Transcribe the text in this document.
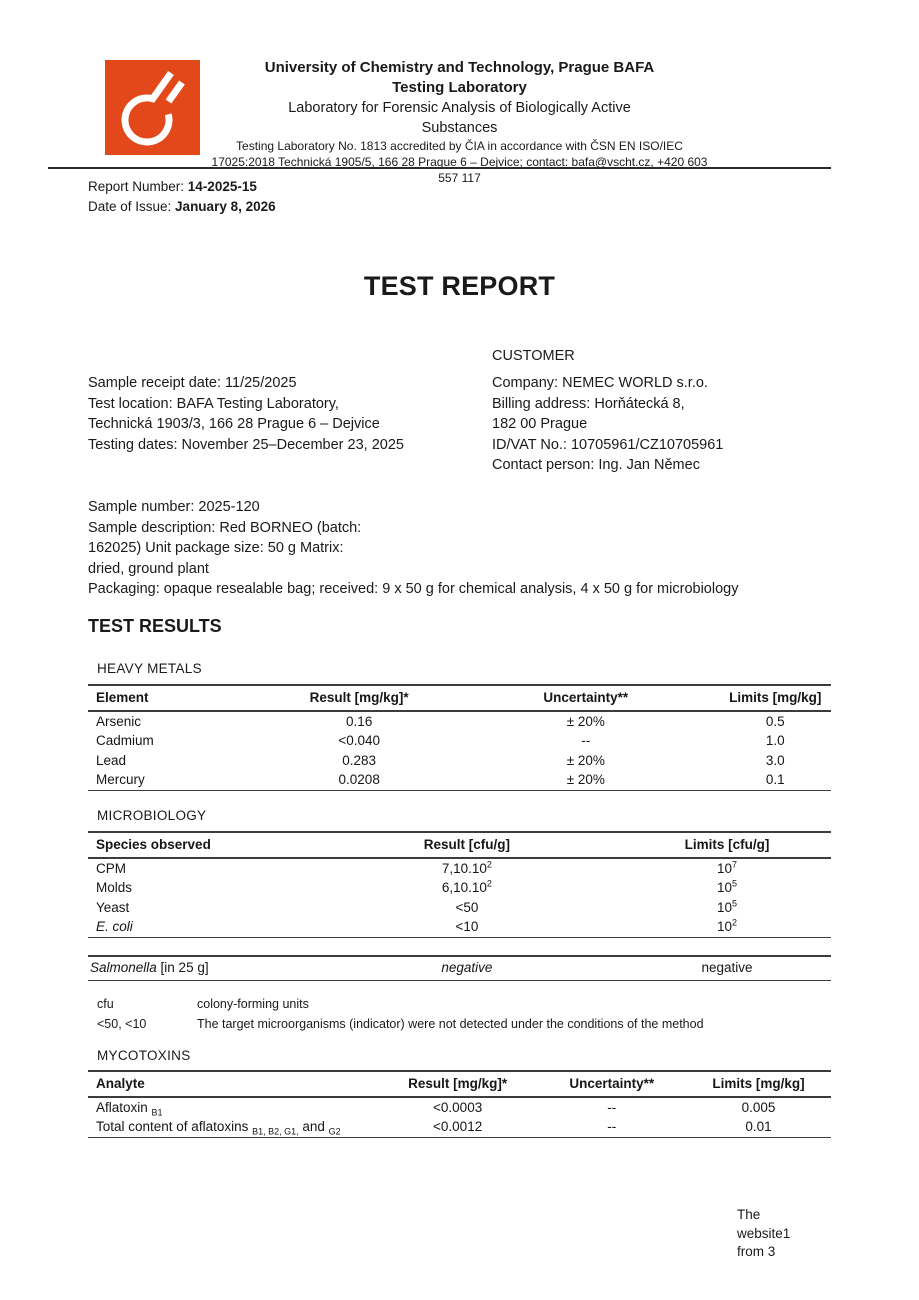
University of Chemistry and Technology, Prague BAFA
Testing Laboratory
Laboratory for Forensic Analysis of Biologically Active
Substances
Testing Laboratory No. 1813 accredited by ČIA in accordance with ČSN EN ISO/IEC
17025:2018 Technická 1905/5, 166 28 Prague 6 – Dejvice; contact: bafa@vscht.cz, +420 603
557 117
Report Number: 14-2025-15
Date of Issue: January 8, 2026
TEST REPORT
Sample receipt date: 11/25/2025
Test location: BAFA Testing Laboratory,
Technická 1903/3, 166 28 Prague 6 – Dejvice
Testing dates: November 25–December 23, 2025
CUSTOMER
Company: NEMEC WORLD s.r.o.
Billing address: Horňátecká 8,
182 00 Prague
ID/VAT No.: 10705961/CZ10705961
Contact person: Ing. Jan Němec
Sample number: 2025-120
Sample description: Red BORNEO (batch:
162025) Unit package size: 50 g Matrix:
dried, ground plant
Packaging: opaque resealable bag; received: 9 x 50 g for chemical analysis, 4 x 50 g for microbiology
TEST RESULTS
HEAVY METALS
Element	Result [mg/kg]*	Uncertainty**	Limits [mg/kg]
Arsenic	0.16	± 20%	0.5
Cadmium	<0.040	--	1.0
Lead	0.283	± 20%	3.0
Mercury	0.0208	± 20%	0.1
MICROBIOLOGY
Species observed	Result [cfu/g]	Limits [cfu/g]
CPM	7,10.10$^2$	$10^7$
Molds	6,10.10$^2$	$10^5$
Yeast	<50	$10^5$
E. coli	<10	$10^2$
Salmonella [in 25 g]	negative	negative
cfu	colony-forming units
<50, <10	The target microorganisms (indicator) were not detected under the conditions of the method
MYCOTOXINS
Analyte	Result [mg/kg]*	Uncertainty**	Limits [mg/kg]
Aflatoxin $_{B1}$	<0.0003	--	0.005
Total content of aflatoxins $_{B1, B2, G1,}$ and $_{G2}$	<0.0012	--	0.01
The
website1
from 3
